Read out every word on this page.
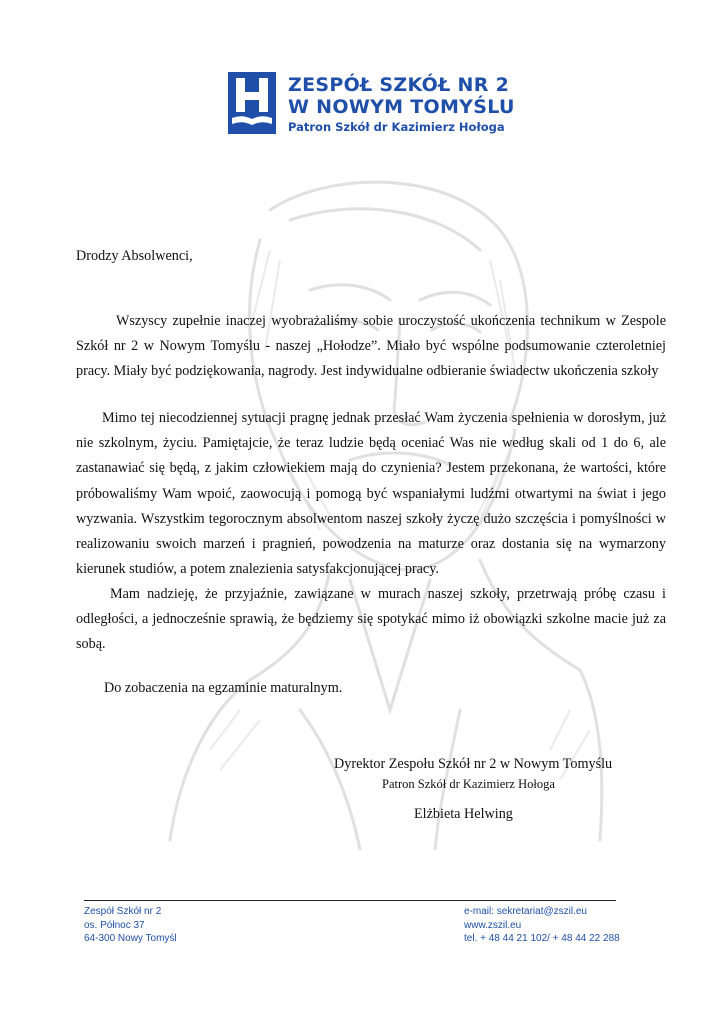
ZESPÓŁ SZKÓŁ NR 2
W NOWYM TOMYŚLU
Patron Szkół dr Kazimierz Hołoga
Drodzy Absolwenci,

Wszyscy zupełnie inaczej wyobrażaliśmy sobie uroczystość ukończenia technikum w Zespole Szkół nr 2 w Nowym Tomyślu - naszej „Hołodze”. Miało być wspólne podsumowanie czteroletniej pracy. Miały być podziękowania, nagrody. Jest indywidualne odbieranie świadectw ukończenia szkoły

Mimo tej niecodziennej sytuacji pragnę jednak przesłać Wam życzenia spełnienia w dorosłym, już nie szkolnym, życiu. Pamiętajcie, że teraz ludzie będą oceniać Was nie według skali od 1 do 6, ale zastanawiać się będą, z jakim człowiekiem mają do czynienia? Jestem przekonana, że wartości, które próbowaliśmy Wam wpoić, zaowocują i pomogą być wspaniałymi ludźmi otwartymi na świat i jego wyzwania. Wszystkim tegorocznym absolwentom naszej szkoły życzę dużo szczęścia i pomyślności w realizowaniu swoich marzeń i pragnień, powodzenia na maturze oraz dostania się na wymarzony kierunek studiów, a potem znalezienia satysfakcjonującej pracy.

Mam nadzieję, że przyjaźnie, zawiązane w murach naszej szkoły, przetrwają próbę czasu i odległości, a jednocześnie sprawią, że będziemy się spotykać mimo iż obowiązki szkolne macie już za sobą.

Do zobaczenia na egzaminie maturalnym.
Dyrektor Zespołu Szkół nr 2 w Nowym Tomyślu
Patron Szkół dr Kazimierz Hołoga
Elżbieta Helwing
Zespół Szkół nr 2
os. Północ 37
64-300 Nowy Tomyśl
e-mail: sekretariat@zszil.eu
www.zszil.eu
tel. + 48 44 21 102/ + 48 44 22 288
